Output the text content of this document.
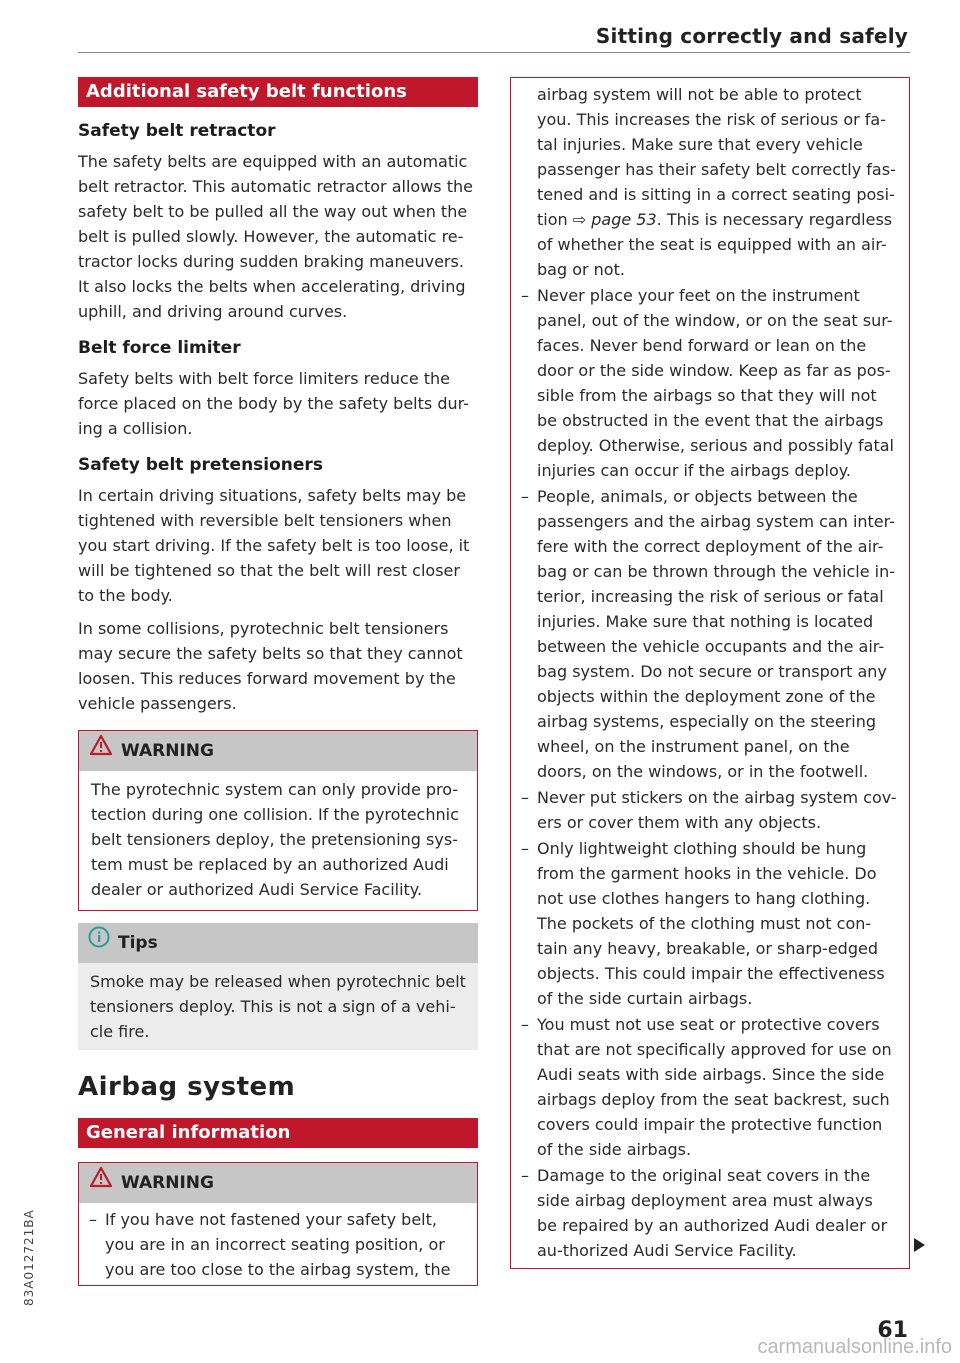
Sitting correctly and safely
Additional safety belt functions
Safety belt retractor

The safety belts are equipped with an automatic belt retractor. This automatic retractor allows the safety belt to be pulled all the way out when the belt is pulled slowly. However, the automatic re-tractor locks during sudden braking maneuvers. It also locks the belts when accelerating, driving uphill, and driving around curves.

Belt force limiter

Safety belts with belt force limiters reduce the force placed on the body by the safety belts dur-ing a collision.

Safety belt pretensioners

In certain driving situations, safety belts may be tightened with reversible belt tensioners when you start driving. If the safety belt is too loose, it will be tightened so that the belt will rest closer to the body.

In some collisions, pyrotechnic belt tensioners may secure the safety belts so that they cannot loosen. This reduces forward movement by the vehicle passengers.

WARNING

The pyrotechnic system can only provide pro-tection during one collision. If the pyrotechnic belt tensioners deploy, the pretensioning sys-tem must be replaced by an authorized Audi dealer or authorized Audi Service Facility.

Tips

Smoke may be released when pyrotechnic belt tensioners deploy. This is not a sign of a vehi-cle fire.

Airbag system
General information
WARNING
– If you have not fastened your safety belt, you are in an incorrect seating position, or you are too close to the airbag system, the

airbag system will not be able to protect you. This increases the risk of serious or fa-tal injuries. Make sure that every vehicle passenger has their safety belt correctly fas-tened and is sitting in a correct seating posi-tion ⇨ page 53. This is necessary regardless of whether the seat is equipped with an air-bag or not.

– Never place your feet on the instrument panel, out of the window, or on the seat sur-faces. Never bend forward or lean on the door or the side window. Keep as far as pos-sible from the airbags so that they will not be obstructed in the event that the airbags deploy. Otherwise, serious and possibly fatal injuries can occur if the airbags deploy.
– People, animals, or objects between the passengers and the airbag system can inter-fere with the correct deployment of the air-bag or can be thrown through the vehicle in-terior, increasing the risk of serious or fatal injuries. Make sure that nothing is located between the vehicle occupants and the air-bag system. Do not secure or transport any objects within the deployment zone of the airbag systems, especially on the steering wheel, on the instrument panel, on the doors, on the windows, or in the footwell.
– Never put stickers on the airbag system cov-ers or cover them with any objects.
– Only lightweight clothing should be hung from the garment hooks in the vehicle. Do not use clothes hangers to hang clothing. The pockets of the clothing must not con-tain any heavy, breakable, or sharp-edged objects. This could impair the effectiveness of the side curtain airbags.
– You must not use seat or protective covers that are not specifically approved for use on Audi seats with side airbags. Since the side airbags deploy from the seat backrest, such covers could impair the protective function of the side airbags.
– Damage to the original seat covers in the side airbag deployment area must always be repaired by an authorized Audi dealer or au-thorized Audi Service Facility.
61
83A012721BA
carmanualsonline.info
